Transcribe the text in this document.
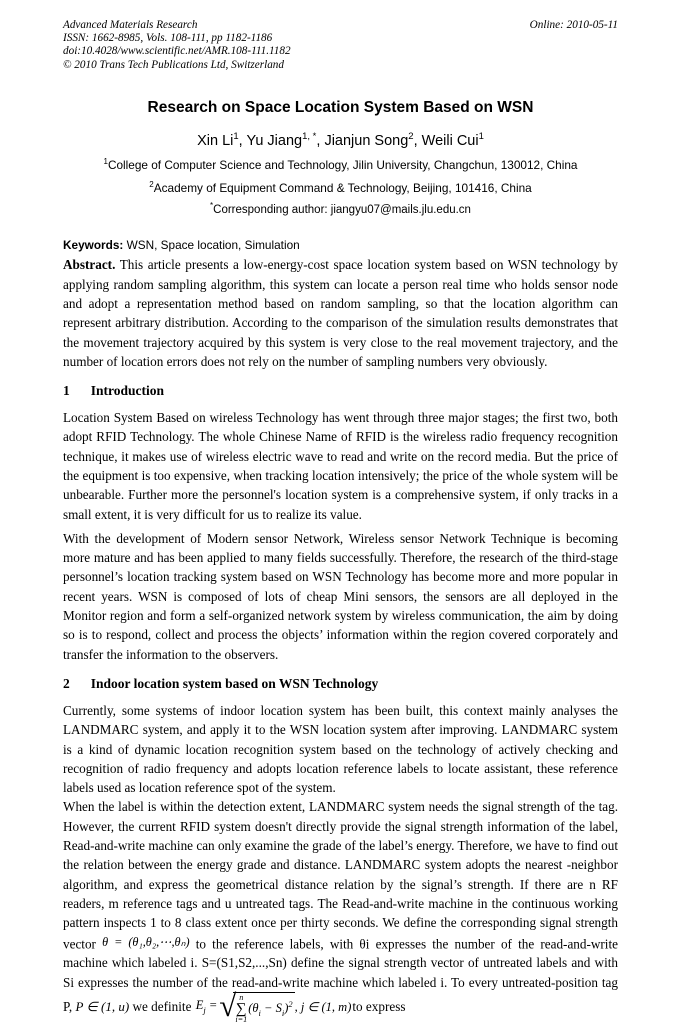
Advanced Materials Research
ISSN: 1662-8985, Vols. 108-111, pp 1182-1186
doi:10.4028/www.scientific.net/AMR.108-111.1182
© 2010 Trans Tech Publications Ltd, Switzerland
Online: 2010-05-11
Research on Space Location System Based on WSN
Xin Li$^1$, Yu Jiang$^{1, *}$, Jianjun Song$^2$, Weili Cui$^1$
$^1$College of Computer Science and Technology, Jilin University, Changchun, 130012, China
$^2$Academy of Equipment Command & Technology, Beijing, 101416, China
*Corresponding author: jiangyu07@mails.jlu.edu.cn

Keywords: WSN, Space location, Simulation

Abstract. This article presents a low-energy-cost space location system based on WSN technology by applying random sampling algorithm, this system can locate a person real time who holds sensor node and adopt a representation method based on random sampling, so that the location algorithm can represent arbitrary distribution. According to the comparison of the simulation results demonstrates that the movement trajectory acquired by this system is very close to the real movement trajectory, and the number of location errors does not rely on the number of sampling numbers very obviously.

1 Introduction

Location System Based on wireless Technology has went through three major stages; the first two, both adopt RFID Technology. The whole Chinese Name of RFID is the wireless radio frequency recognition technique, it makes use of wireless electric wave to read and write on the record media. But the price of the equipment is too expensive, when tracking location intensively; the price of the whole system will be unbearable. Further more the personnel's location system is a comprehensive system, if only tracks in a small extent, it is very difficult for us to realize its value.

With the development of Modern sensor Network, Wireless sensor Network Technique is becoming more mature and has been applied to many fields successfully. Therefore, the research of the third-stage personnel’s location tracking system based on WSN Technology has become more and more popular in recent years. WSN is composed of lots of cheap Mini sensors, the sensors are all deployed in the Monitor region and form a self-organized network system by wireless communication, the aim by doing so is to respond, collect and process the objects’ information within the region covered corporately and transfer the information to the observers.

2 Indoor location system based on WSN Technology

Currently, some systems of indoor location system has been built, this context mainly analyses the LANDMARC system, and apply it to the WSN location system after improving. LANDMARC system is a kind of dynamic location recognition system based on the technology of actively checking and recognition of radio frequency and adopts location reference labels to locate assistant, these reference labels used as location reference spot of the system.

When the label is within the detection extent, LANDMARC system needs the signal strength of the tag. However, the current RFID system doesn't directly provide the signal strength information of the label, Read-and-write machine can only examine the grade of the label’s energy. Therefore, we have to find out the relation between the energy grade and distance. LANDMARC system adopts the nearest -neighbor algorithm, and express the geometrical distance relation by the signal’s strength. If there are n RF readers, m reference tags and u untreated tags. The Read-and-write machine in the continuous working pattern inspects 1 to 8 class extent once per thirty seconds. We define the corresponding signal strength vector θ = (θ₁,θ₂,⋯,θₙ) to the reference labels, with θi expresses the number of the read-and-write machine which labeled i. S=(S1,S2,...,Sn) define the signal strength vector of untreated labels and with Si expresses the number of the read-and-write machine which labeled i. To every untreated-position tag P, P ∈ (1, u) we definite $E_j$ = √ n
∑
i=1
$(\theta_i - S_i)^2$ , j ∈ (1, m) to express
